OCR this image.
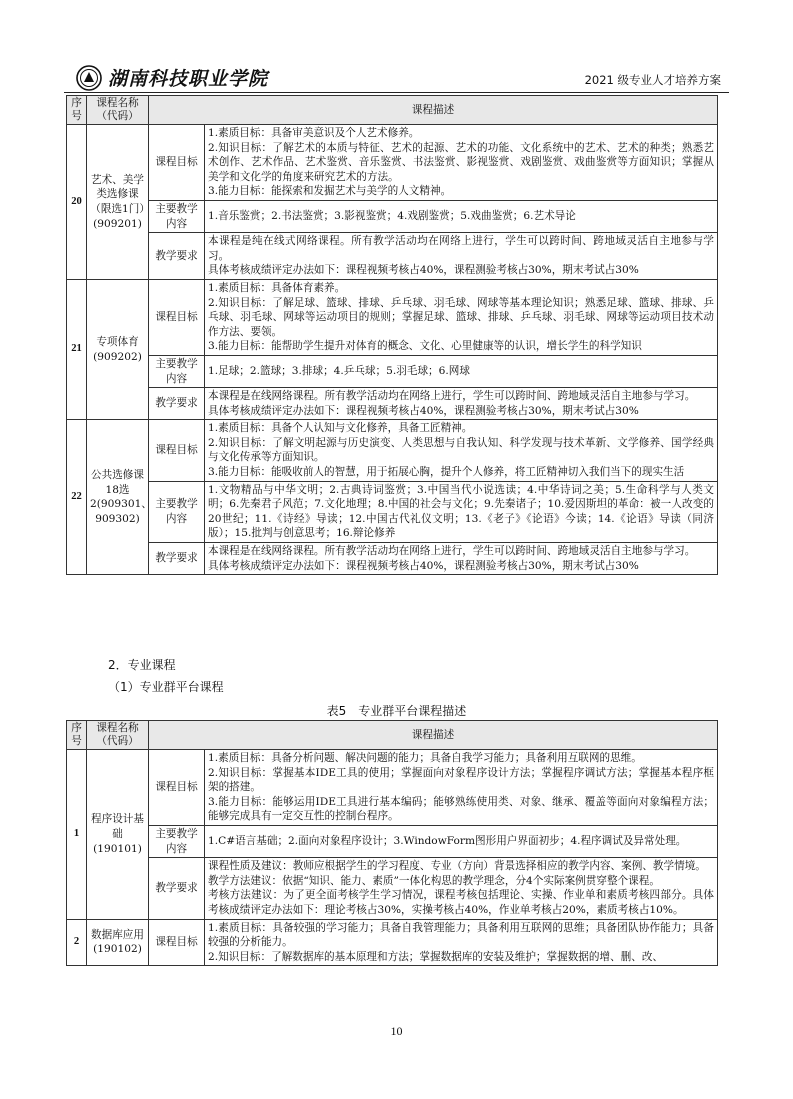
湖南科技职业学院	2021 级专业人才培养方案
序号	课程名称（代码）	课程描述	
20	艺术、美学类选修课（限选1门）(909201)	课程目标	1.素质目标：具备审美意识及个人艺术修养。
2.知识目标：了解艺术的本质与特征、艺术的起源、艺术的功能、文化系统中的艺术、艺术的种类；熟悉艺术创作、艺术作品、艺术鉴赏、音乐鉴赏、书法鉴赏、影视鉴赏、戏剧鉴赏、戏曲鉴赏等方面知识；掌握从美学和文化学的角度来研究艺术的方法。
3.能力目标：能探索和发掘艺术与美学的人文精神。

		主要教学内容	1.音乐鉴赏；2.书法鉴赏；3.影视鉴赏；4.戏剧鉴赏；5.戏曲鉴赏；6.艺术导论

		教学要求	本课程是纯在线式网络课程。所有教学活动均在网络上进行，学生可以跨时间、跨地域灵活自主地参与学习。
具体考核成绩评定办法如下：课程视频考核占40%，课程测验考核占30%，期末考试占30%

21	专项体育(909202)	课程目标	1.素质目标：具备体育素养。
2.知识目标：了解足球、篮球、排球、乒乓球、羽毛球、网球等基本理论知识；熟悉足球、篮球、排球、乒乓球、羽毛球、网球等运动项目的规则；掌握足球、篮球、排球、乒乓球、羽毛球、网球等运动项目技术动作方法、要领。
3.能力目标：能帮助学生提升对体育的概念、文化、心里健康等的认识，增长学生的科学知识

		主要教学内容	1.足球；2.篮球；3.排球；4.乒乓球；5.羽毛球；6.网球

		教学要求	本课程是在线网络课程。所有教学活动均在网络上进行，学生可以跨时间、跨地域灵活自主地参与学习。
具体考核成绩评定办法如下：课程视频考核占40%，课程测验考核占30%，期末考试占30%

22	公共选修课18选2(909301、909302)	课程目标	1.素质目标：具备个人认知与文化修养，具备工匠精神。
2.知识目标：了解文明起源与历史演变、人类思想与自我认知、科学发现与技术革新、文学修养、国学经典与文化传承等方面知识。
3.能力目标：能吸收前人的智慧，用于拓展心胸，提升个人修养，将工匠精神切入我们当下的现实生活

		主要教学内容	1.文物精品与中华文明；2.古典诗词鉴赏；3.中国当代小说选读；4.中华诗词之美；5.生命科学与人类文明；6.先秦君子风范；7.文化地理；8.中国的社会与文化；9.先秦诸子；10.爱因斯坦的革命：被一人改变的20世纪；11.《诗经》导读；12.中国古代礼仪文明；13.《老子》《论语》今读；14.《论语》导读（同济版）；15.批判与创意思考；16.辩论修养

		教学要求	本课程是在线网络课程。所有教学活动均在网络上进行，学生可以跨时间、跨地域灵活自主地参与学习。
具体考核成绩评定办法如下：课程视频考核占40%，课程测验考核占30%，期末考试占30%
2．专业课程
（1）专业群平台课程
表5　专业群平台课程描述
序号	课程名称（代码）	课程描述	
1	程序设计基础(190101)	课程目标	1.素质目标：具备分析问题、解决问题的能力；具备自我学习能力；具备利用互联网的思维。
2.知识目标：掌握基本IDE工具的使用；掌握面向对象程序设计方法；掌握程序调试方法；掌握基本程序框架的搭建。
3.能力目标：能够运用IDE工具进行基本编码；能够熟练使用类、对象、继承、覆盖等面向对象编程方法；能够完成具有一定交互性的控制台程序。

		主要教学内容	1.C#语言基础；2.面向对象程序设计；3.WindowForm图形用户界面初步；4.程序调试及异常处理。

		教学要求	课程性质及建议：教师应根据学生的学习程度、专业（方向）背景选择相应的教学内容、案例、教学情境。
教学方法建议：依据“知识、能力、素质”一体化构思的教学理念，分4个实际案例贯穿整个课程。
考核方法建议：为了更全面考核学生学习情况，课程考核包括理论、实操、作业单和素质考核四部分。具体考核成绩评定办法如下：理论考核占30%，实操考核占40%，作业单考核占20%，素质考核占10%。

2	数据库应用(190102)	课程目标	1.素质目标：具备较强的学习能力；具备自我管理能力；具备利用互联网的思维；具备团队协作能力；具备较强的分析能力。
2.知识目标：了解数据库的基本原理和方法；掌握数据库的安装及维护；掌握数据的增、删、改、
10
